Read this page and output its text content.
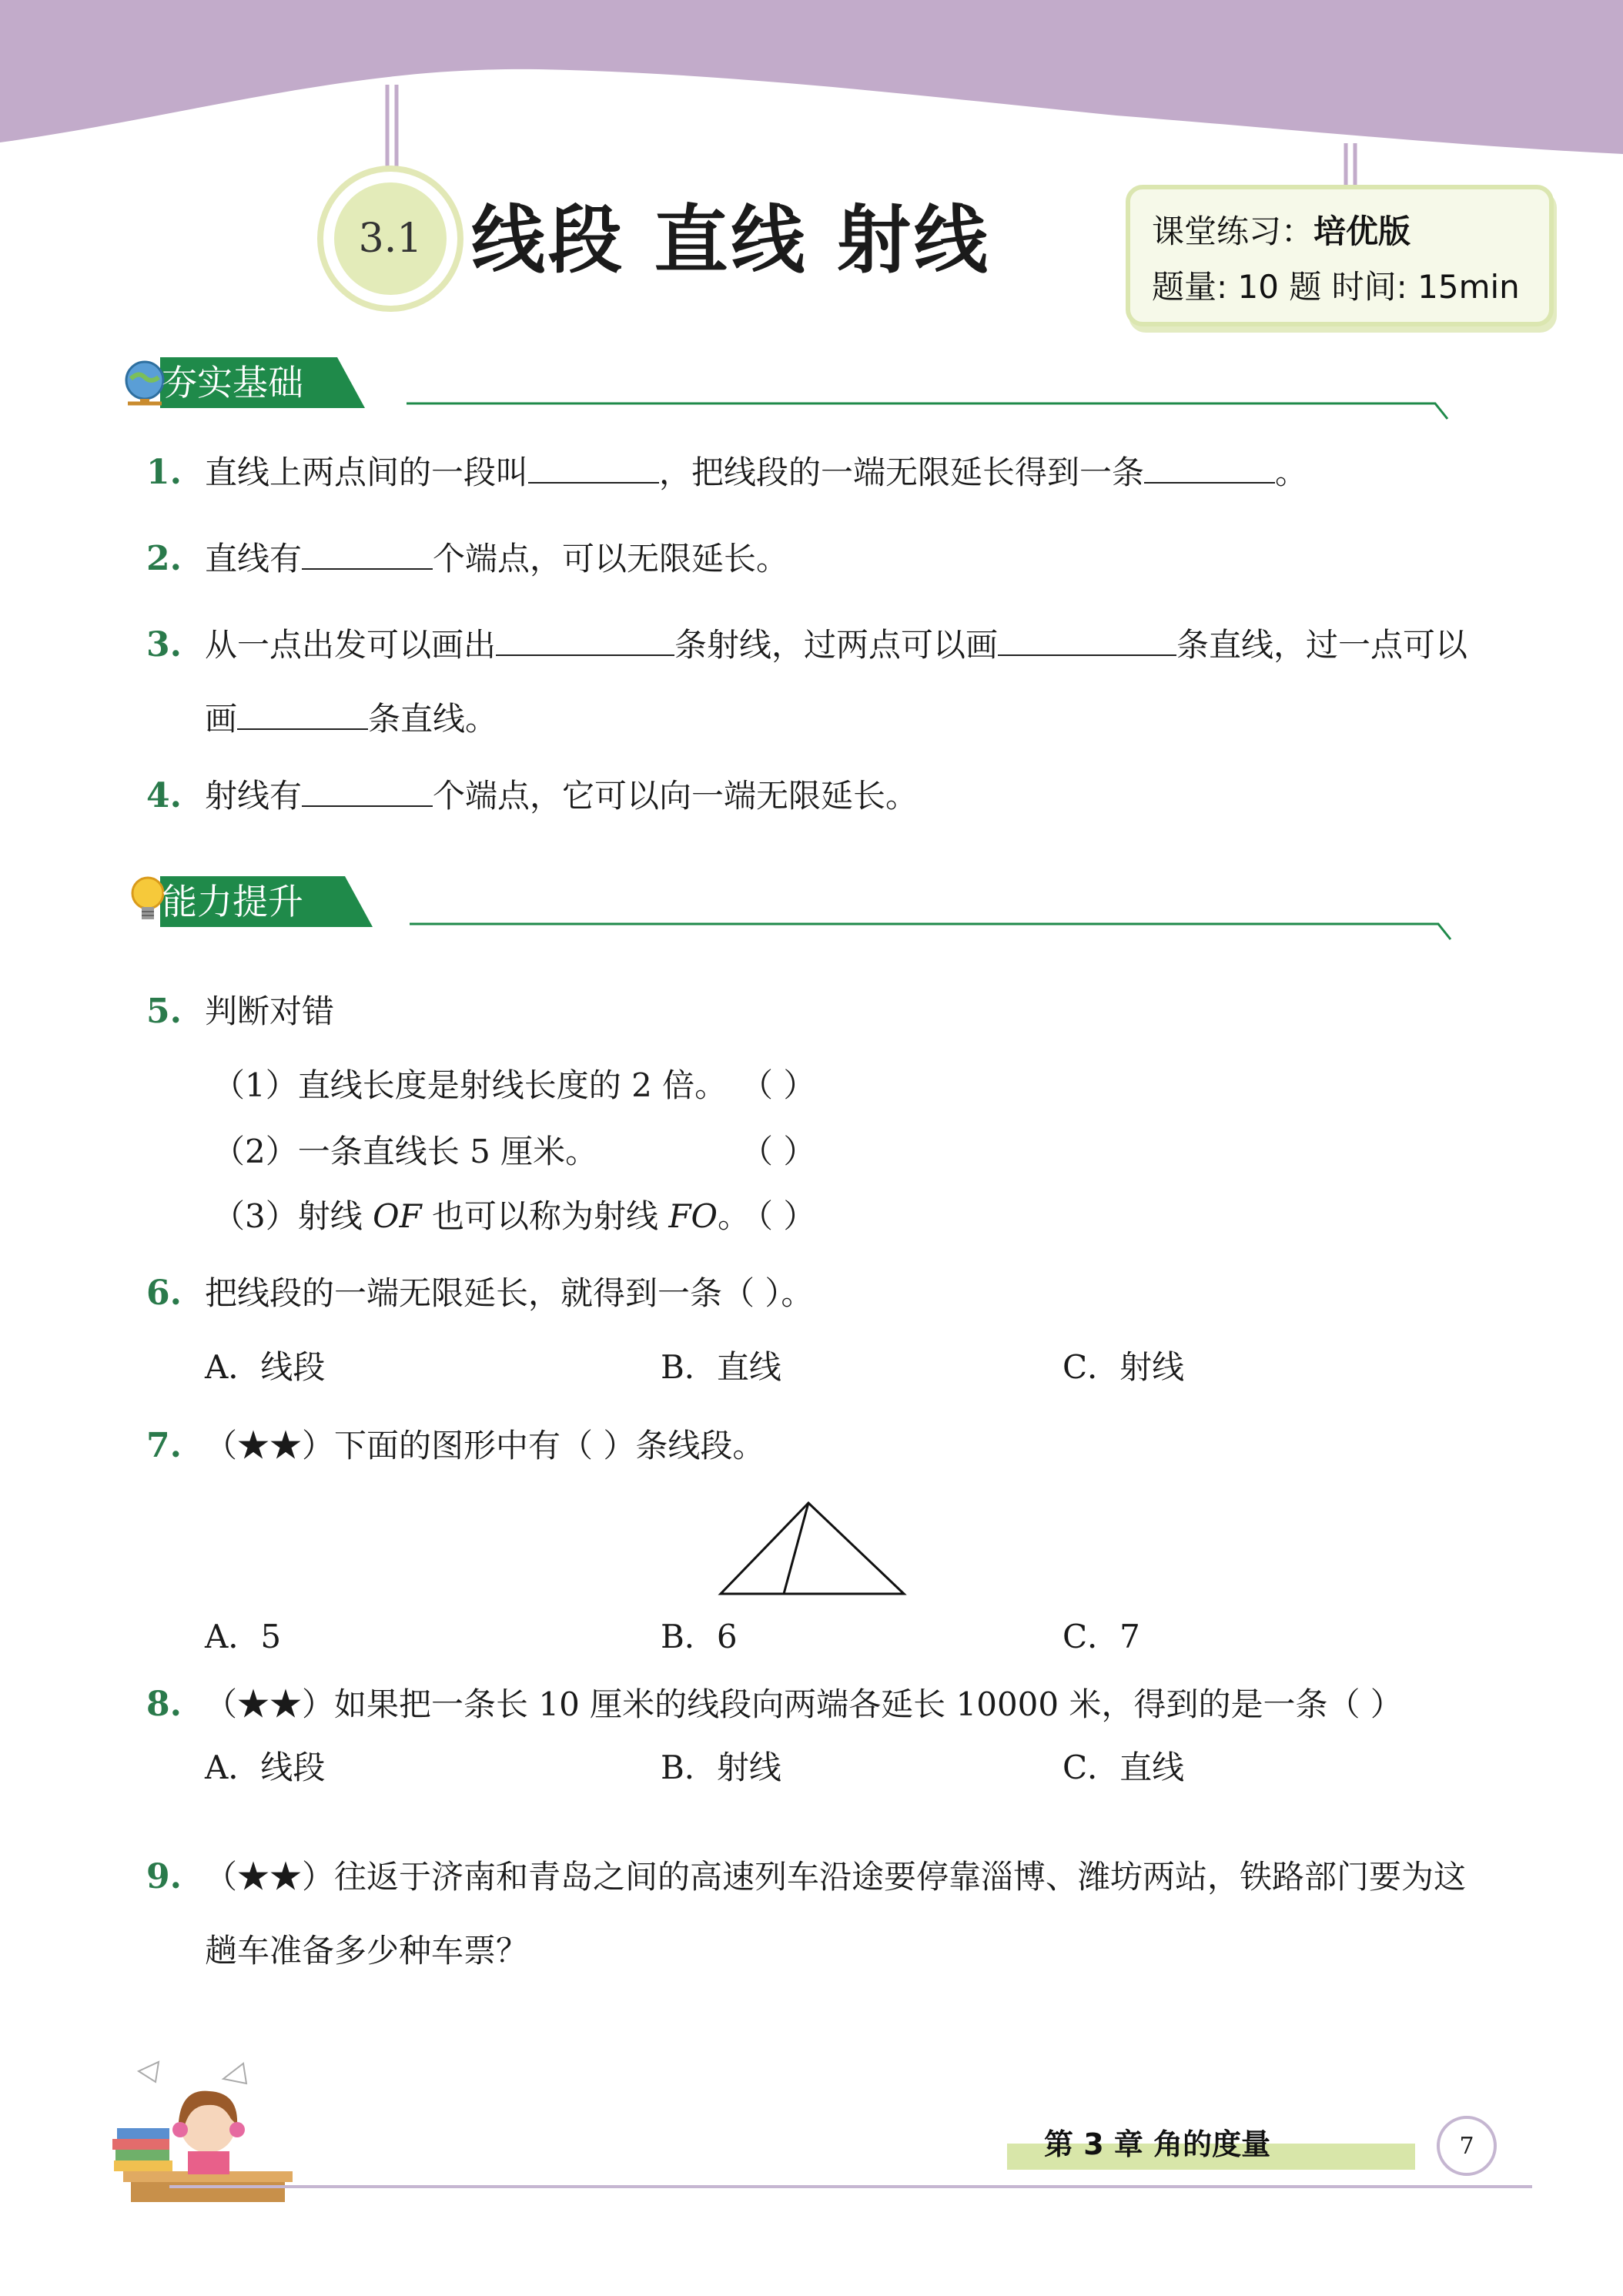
3.1 线段 直线 射线	课堂练习：培优版
题量: 10 题 时间: 15min
夯实基础
1. 直线上两点间的一段叫	，把线段的一端无限延长得到一条	。
2. 直线有	个端点，可以无限延长。
3. 从一点出发可以画出	条射线，过两点可以画	条直线，过一点可以
画	条直线。
4. 射线有	个端点，它可以向一端无限延长。
能力提升
5. 判断对错
（1）直线长度是射线长度的 2 倍。 （ ）
（2）一条直线长 5 厘米。	（ ）
（3）射线 OF 也可以称为射线 FO。
（ ）
6. 把线段的一端无限延长，就得到一条（ ）。
A．线段	B．直线	C．射线
7. （★★）下面的图形中有（ ）条线段。
A．5	B．6	C．7
8. （★★）如果把一条长 10 厘米的线段向两端各延长 10000 米，得到的是一条（ ）
A．线段	B．射线	C．直线
9. （★★）往返于济南和青岛之间的高速列车沿途要停靠淄博、潍坊两站，铁路部门要为这
趟车准备多少种车票？
第 3 章 角的度量	7
